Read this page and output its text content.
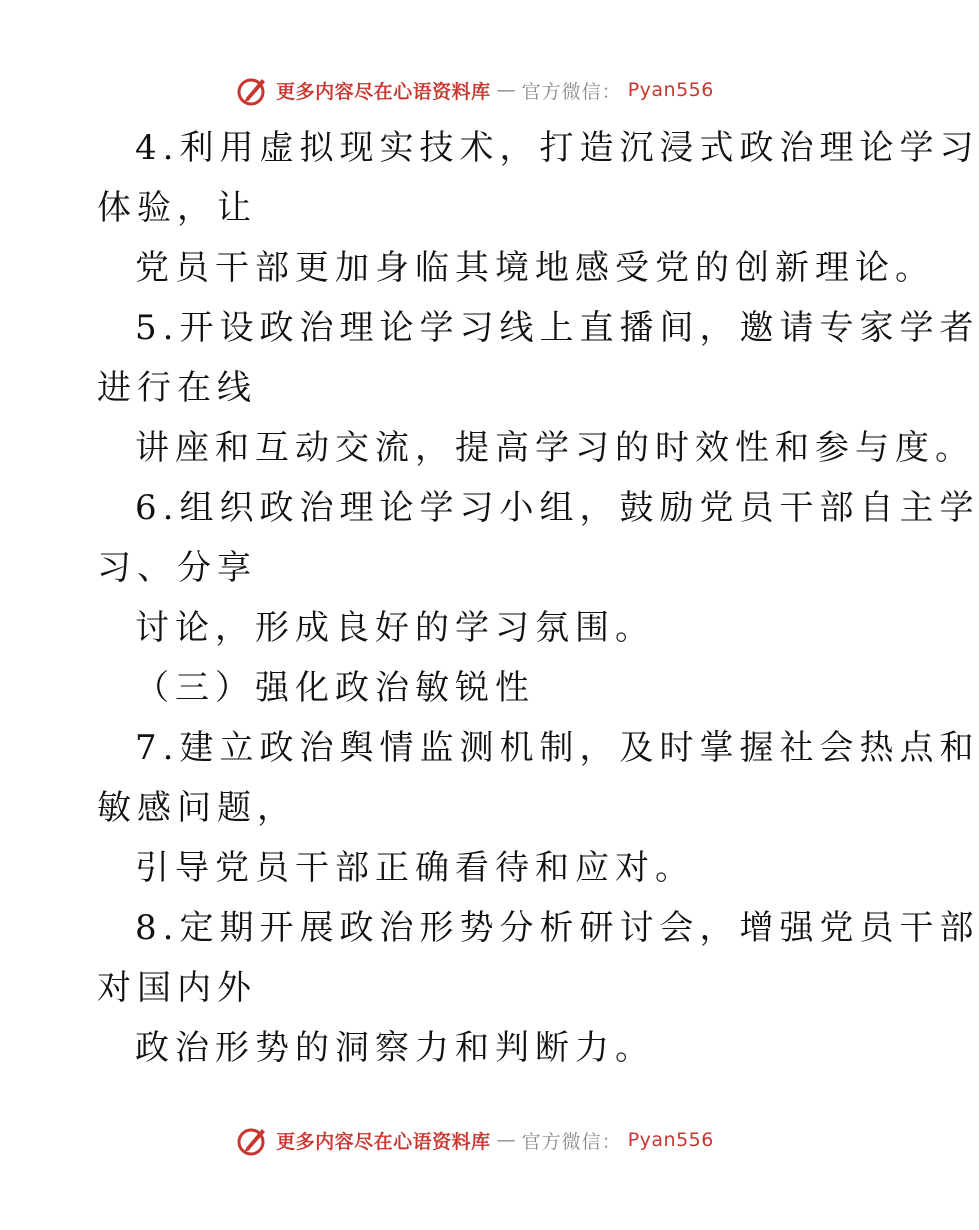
更多内容尽在心语资料库 — 官方微信： Pyan556
4.利用虚拟现实技术，打造沉浸式政治理论学习
体验，让
党员干部更加身临其境地感受党的创新理论。
5.开设政治理论学习线上直播间，邀请专家学者
进行在线
讲座和互动交流，提高学习的时效性和参与度。
6.组织政治理论学习小组，鼓励党员干部自主学
习、分享
讨论，形成良好的学习氛围。
（三）强化政治敏锐性
7.建立政治舆情监测机制，及时掌握社会热点和
敏感问题，
引导党员干部正确看待和应对。
8.定期开展政治形势分析研讨会，增强党员干部
对国内外
政治形势的洞察力和判断力。
更多内容尽在心语资料库 — 官方微信： Pyan556
